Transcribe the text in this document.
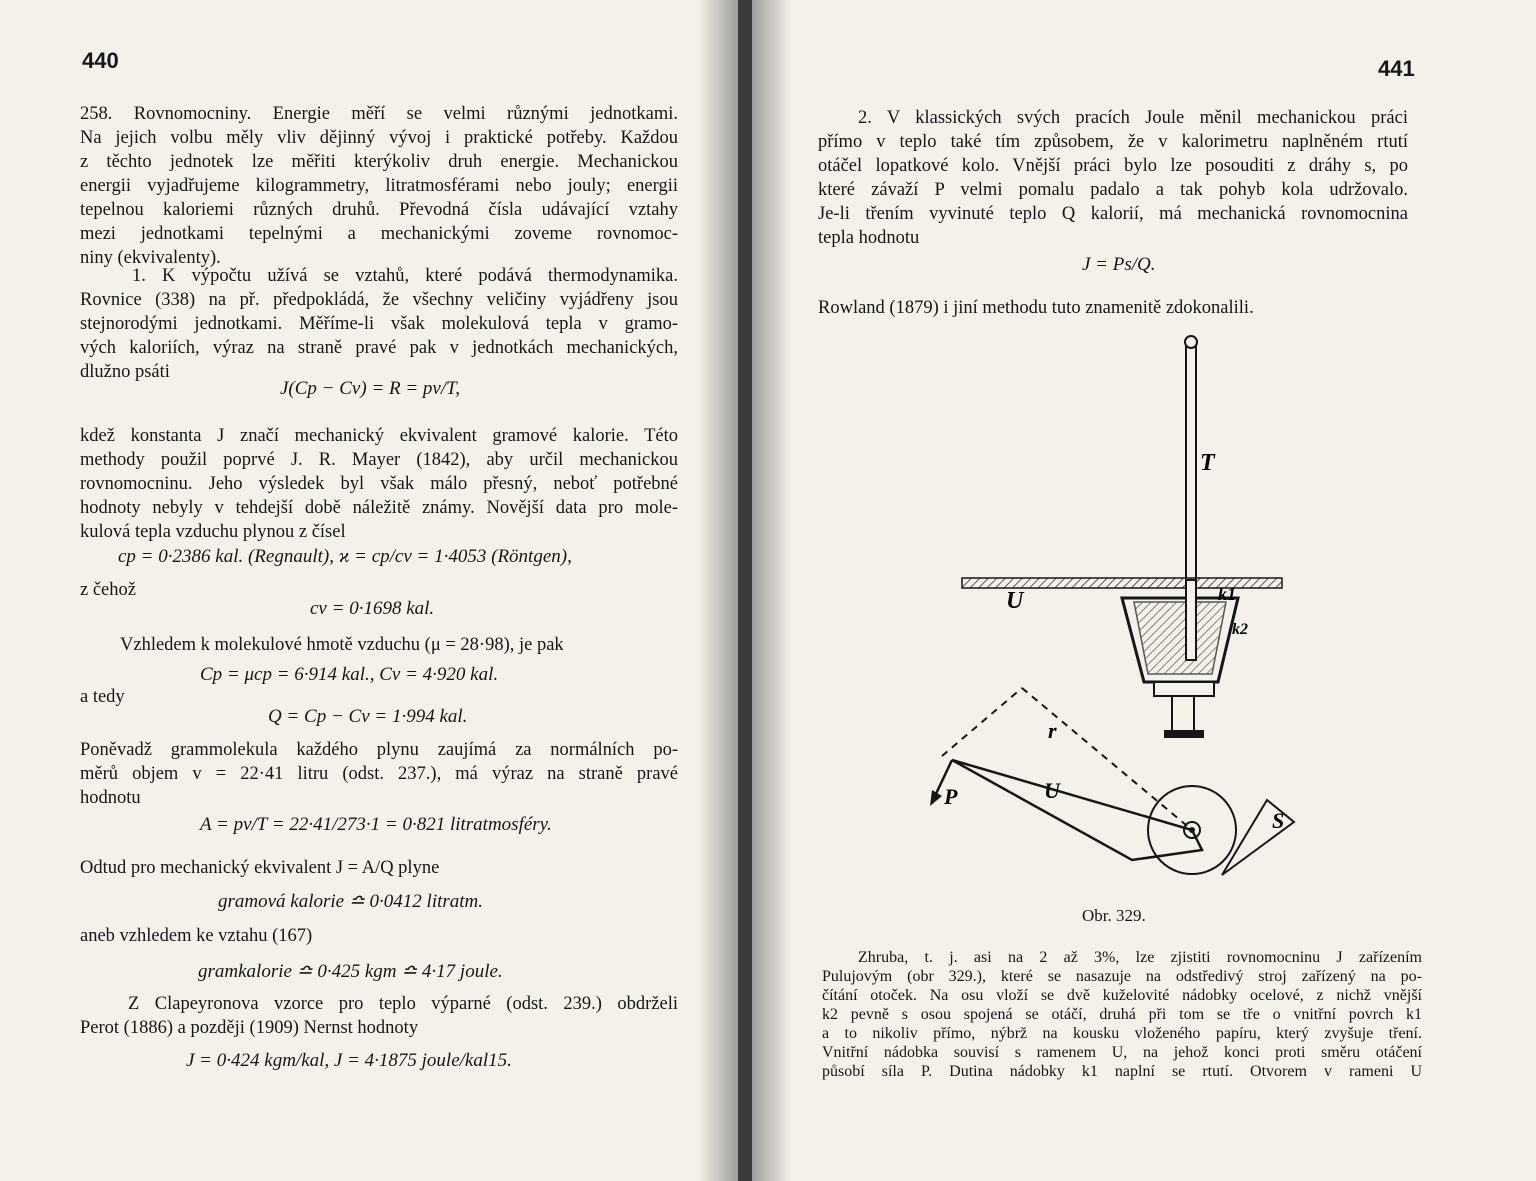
440
258. Rovnomocniny. Energie měří se velmi různými jednotkami.
Na jejich volbu měly vliv dějinný vývoj i praktické potřeby. Každou
z těchto jednotek lze měřiti kterýkoliv druh energie. Mechanickou
energii vyjadřujeme kilogrammetry, litratmosférami nebo jouly; energii
tepelnou kaloriemi různých druhů. Převodná čísla udávající vztahy
mezi jednotkami tepelnými a mechanickými zoveme rovnomoc-
niny (ekvivalenty).
1. K výpočtu užívá se vztahů, které podává thermodynamika.
Rovnice (338) na př. předpokládá, že všechny veličiny vyjádřeny jsou
stejnorodými jednotkami. Měříme-li však molekulová tepla v gramo-
vých kaloriích, výraz na straně pravé pak v jednotkách mechanických,
dlužno psáti
J(Cp − Cv) = R = pv/T,
kdež konstanta J značí mechanický ekvivalent gramové kalorie. Této
methody použil poprvé J. R. Mayer (1842), aby určil mechanickou
rovnomocninu. Jeho výsledek byl však málo přesný, neboť potřebné
hodnoty nebyly v tehdejší době náležitě známy. Novější data pro mole-
kulová tepla vzduchu plynou z čísel
cp = 0·2386 kal. (Regnault), ϰ = cp/cv = 1·4053 (Röntgen),
z čehož
cv = 0·1698 kal.
Vzhledem k molekulové hmotě vzduchu (μ = 28·98), je pak
Cp = μcp = 6·914 kal., Cv = 4·920 kal.
a tedy
Q = Cp − Cv = 1·994 kal.
Poněvadž grammolekula každého plynu zaujímá za normálních po-
měrů objem v = 22·41 litru (odst. 237.), má výraz na straně pravé
hodnotu
A = pv/T = 22·41/273·1 = 0·821 litratmosféry.
Odtud pro mechanický ekvivalent J = A/Q plyne
gramová kalorie ≏ 0·0412 litratm.
aneb vzhledem ke vztahu (167)
gramkalorie ≏ 0·425 kgm ≏ 4·17 joule.
Z Clapeyronova vzorce pro teplo výparné (odst. 239.) obdrželi
Perot (1886) a později (1909) Nernst hodnoty
J = 0·424 kgm/kal, J = 4·1875 joule/kal15.
441
2. V klassických svých pracích Joule měnil mechanickou práci
přímo v teplo také tím způsobem, že v kalorimetru naplněném rtutí
otáčel lopatkové kolo. Vnější práci bylo lze posouditi z dráhy s, po
které závaží P velmi pomalu padalo a tak pohyb kola udržovalo.
Je-li třením vyvinuté teplo Q kalorií, má mechanická rovnomocnina
tepla hodnotu
J = Ps/Q.
Rowland (1879) i jiní methodu tuto znamenitě zdokonalili.
T
U	k1
k2
r
U
P
S
Obr. 329.
Zhruba, t. j. asi na 2 až 3%, lze zjistiti rovnomocninu J zařízením
Pulujovým (obr 329.), které se nasazuje na odstředivý stroj zařízený na po-
čítání otoček. Na osu vloží se dvě kuželovité nádobky ocelové, z nichž vnější
k2 pevně s osou spojená se otáčí, druhá při tom se tře o vnitřní povrch k1
a to nikoliv přímo, nýbrž na kousku vloženého papíru, který zvyšuje tření.
Vnitřní nádobka souvisí s ramenem U, na jehož konci proti směru otáčení
působí síla P. Dutina nádobky k1 naplní se rtutí. Otvorem v rameni U
